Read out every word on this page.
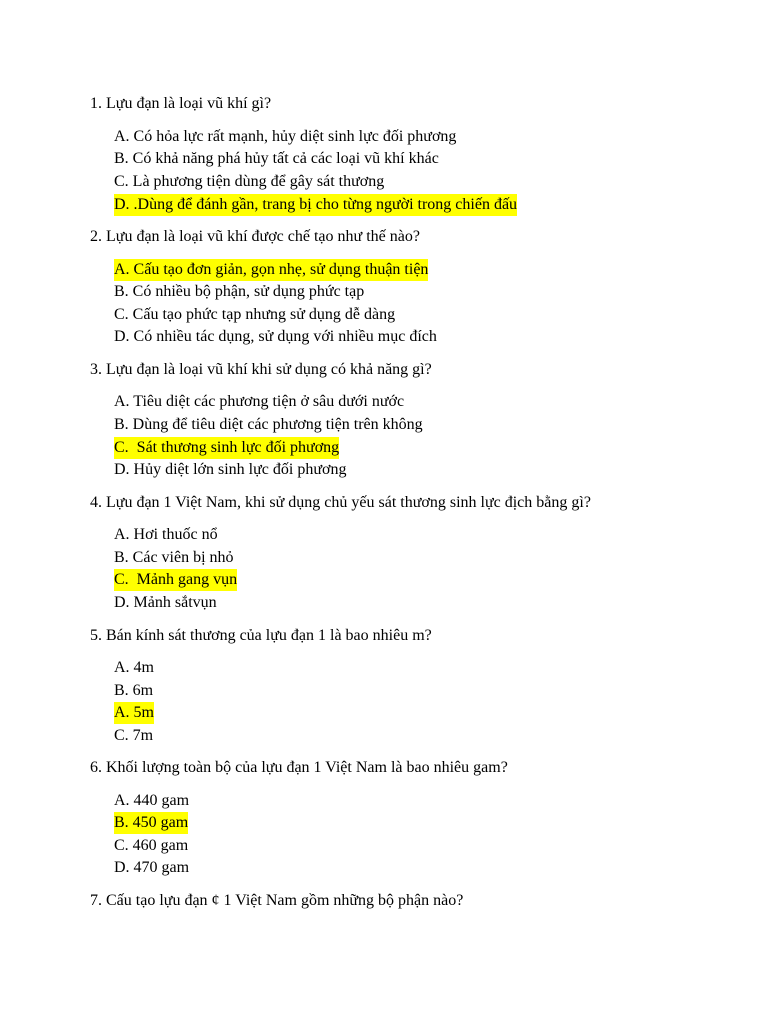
1. Lựu đạn là loại vũ khí gì?
A. Có hỏa lực rất mạnh, hủy diệt sinh lực đối phương
B. Có khả năng phá hủy tất cả các loại vũ khí khác
C. Là phương tiện dùng để gây sát thương
D. .Dùng để đánh gần, trang bị cho từng người trong chiến đấu
2. Lựu đạn là loại vũ khí được chế tạo như thế nào?
A. Cấu tạo đơn giản, gọn nhẹ, sử dụng thuận tiện
B. Có nhiều bộ phận, sử dụng phức tạp
C. Cấu tạo phức tạp nhưng sử dụng dễ dàng
D. Có nhiều tác dụng, sử dụng với nhiều mục đích
3. Lựu đạn là loại vũ khí khi sử dụng có khả năng gì?
A. Tiêu diệt các phương tiện ở sâu dưới nước
B. Dùng để tiêu diệt các phương tiện trên không
C.  Sát thương sinh lực đối phương
D. Hủy diệt lớn sinh lực đối phương
4. Lựu đạn 1 Việt Nam, khi sử dụng chủ yếu sát thương sinh lực địch bằng gì?
A. Hơi thuốc nổ
B. Các viên bị nhỏ
C.  Mảnh gang vụn
D. Mảnh sắtvụn
5. Bán kính sát thương của lựu đạn 1 là bao nhiêu m?
A. 4m
B. 6m
A. 5m
C. 7m
6. Khối lượng toàn bộ của lựu đạn 1 Việt Nam là bao nhiêu gam?
A. 440 gam
B. 450 gam
C. 460 gam
D. 470 gam
7. Cấu tạo lựu đạn ¢ 1 Việt Nam gồm những bộ phận nào?
